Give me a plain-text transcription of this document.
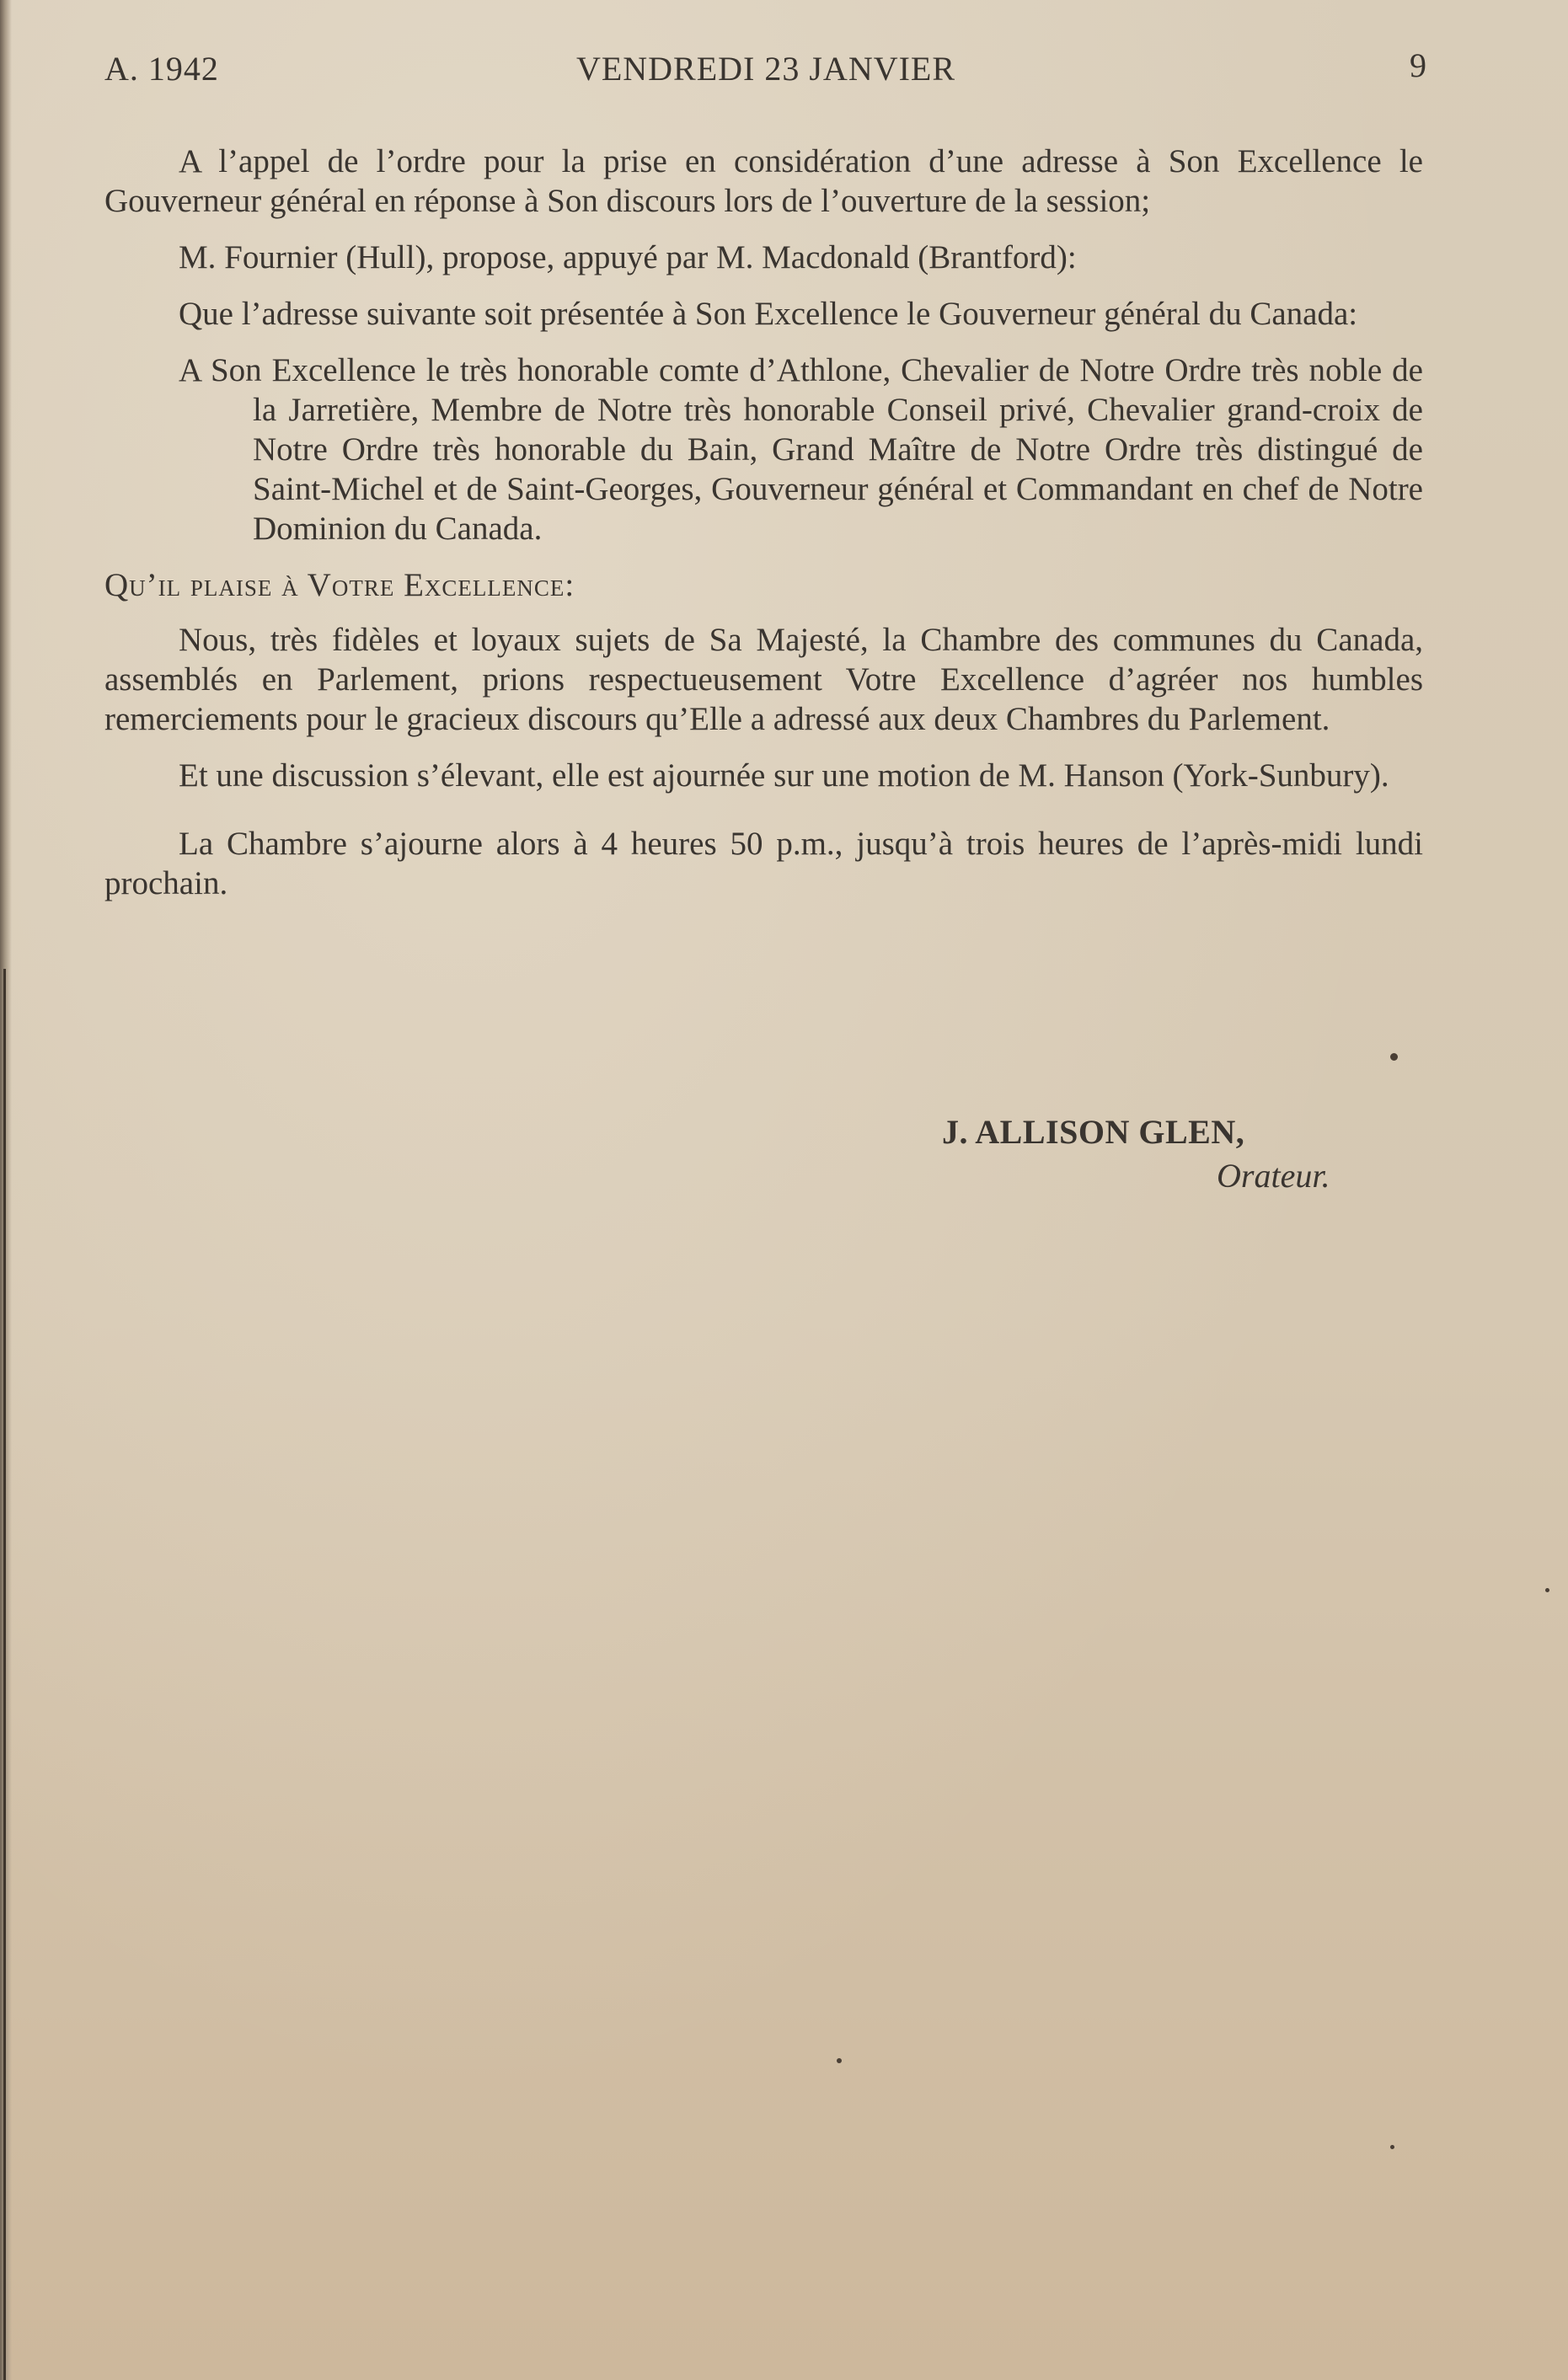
A. 1942	VENDREDI 23 JANVIER	9

A l’appel de l’ordre pour la prise en considération d’une adresse à Son Excellence le Gouverneur général en réponse à Son discours lors de l’ouverture de la session;

M. Fournier (Hull), propose, appuyé par M. Macdonald (Brantford):

Que l’adresse suivante soit présentée à Son Excellence le Gouverneur général du Canada:

A Son Excellence le très honorable comte d’Athlone, Chevalier de Notre Ordre très noble de la Jarretière, Membre de Notre très honorable Conseil privé, Chevalier grand-croix de Notre Ordre très honorable du Bain, Grand Maître de Notre Ordre très distingué de Saint-Michel et de Saint-Georges, Gouverneur général et Commandant en chef de Notre Dominion du Canada.

Qu’il plaise à Votre Excellence:

Nous, très fidèles et loyaux sujets de Sa Majesté, la Chambre des communes du Canada, assemblés en Parlement, prions respectueusement Votre Excellence d’agréer nos humbles remerciements pour le gracieux discours qu’Elle a adressé aux deux Chambres du Parlement.

Et une discussion s’élevant, elle est ajournée sur une motion de M. Hanson (York-Sunbury).

La Chambre s’ajourne alors à 4 heures 50 p.m., jusqu’à trois heures de l’après-midi lundi prochain.

J. ALLISON GLEN,
Orateur.
